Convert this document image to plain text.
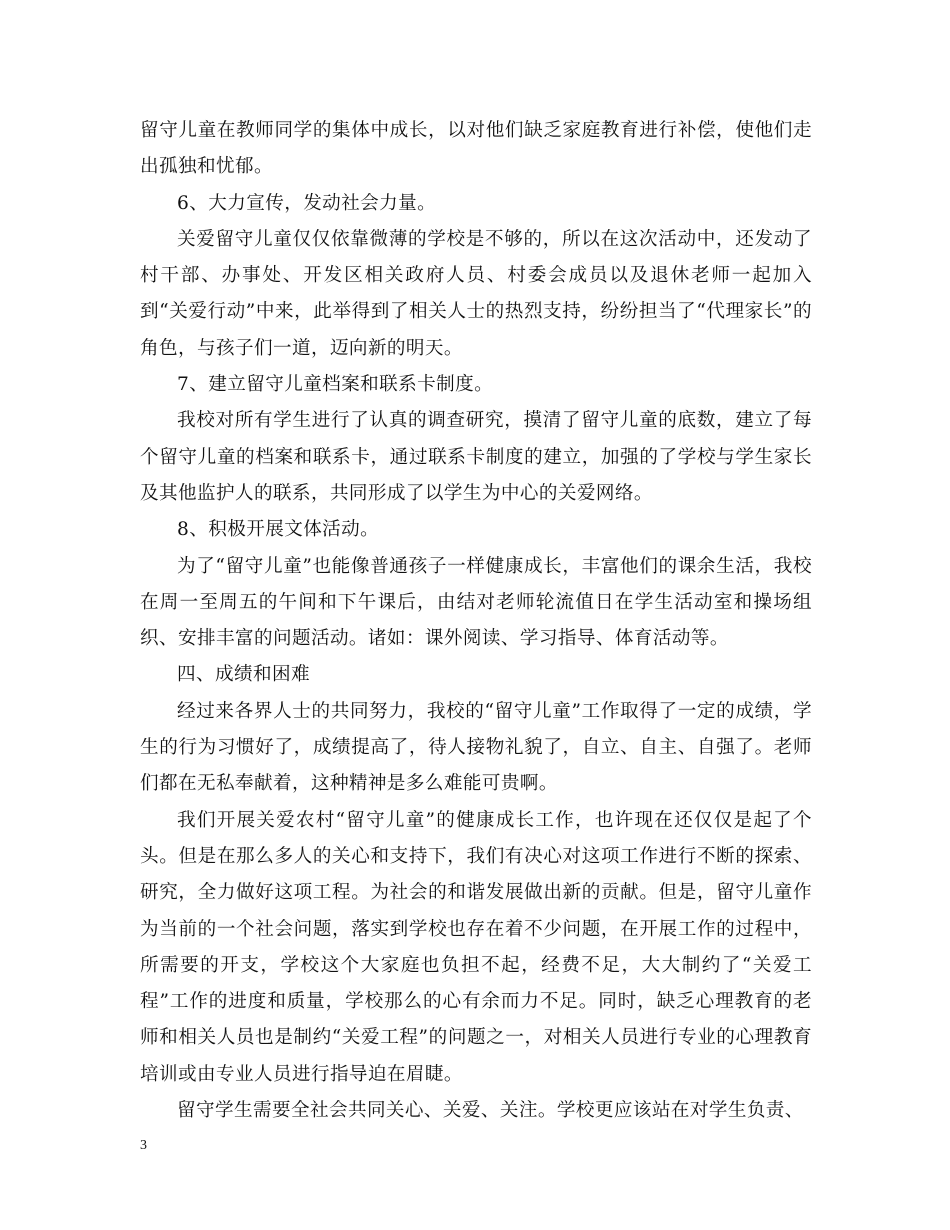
留守儿童在教师同学的集体中成长，以对他们缺乏家庭教育进行补偿，使他们走出孤独和忧郁。

6、大力宣传，发动社会力量。

关爱留守儿童仅仅依靠微薄的学校是不够的，所以在这次活动中，还发动了村干部、办事处、开发区相关政府人员、村委会成员以及退休老师一起加入到“关爱行动”中来，此举得到了相关人士的热烈支持，纷纷担当了“代理家长”的角色，与孩子们一道，迈向新的明天。

7、建立留守儿童档案和联系卡制度。

我校对所有学生进行了认真的调查研究，摸清了留守儿童的底数，建立了每个留守儿童的档案和联系卡，通过联系卡制度的建立，加强的了学校与学生家长及其他监护人的联系，共同形成了以学生为中心的关爱网络。

8、积极开展文体活动。

为了“留守儿童”也能像普通孩子一样健康成长，丰富他们的课余生活，我校在周一至周五的午间和下午课后，由结对老师轮流值日在学生活动室和操场组织、安排丰富的问题活动。诸如：课外阅读、学习指导、体育活动等。

四、成绩和困难

经过来各界人士的共同努力，我校的“留守儿童”工作取得了一定的成绩，学生的行为习惯好了，成绩提高了，待人接物礼貌了，自立、自主、自强了。老师们都在无私奉献着，这种精神是多么难能可贵啊。

我们开展关爱农村“留守儿童”的健康成长工作，也许现在还仅仅是起了个头。但是在那么多人的关心和支持下，我们有决心对这项工作进行不断的探索、研究，全力做好这项工程。为社会的和谐发展做出新的贡献。但是，留守儿童作为当前的一个社会问题，落实到学校也存在着不少问题，在开展工作的过程中，所需要的开支，学校这个大家庭也负担不起，经费不足，大大制约了“关爱工程”工作的进度和质量，学校那么的心有余而力不足。同时，缺乏心理教育的老师和相关人员也是制约“关爱工程”的问题之一，对相关人员进行专业的心理教育培训或由专业人员进行指导迫在眉睫。

留守学生需要全社会共同关心、关爱、关注。学校更应该站在对学生负责、

3
